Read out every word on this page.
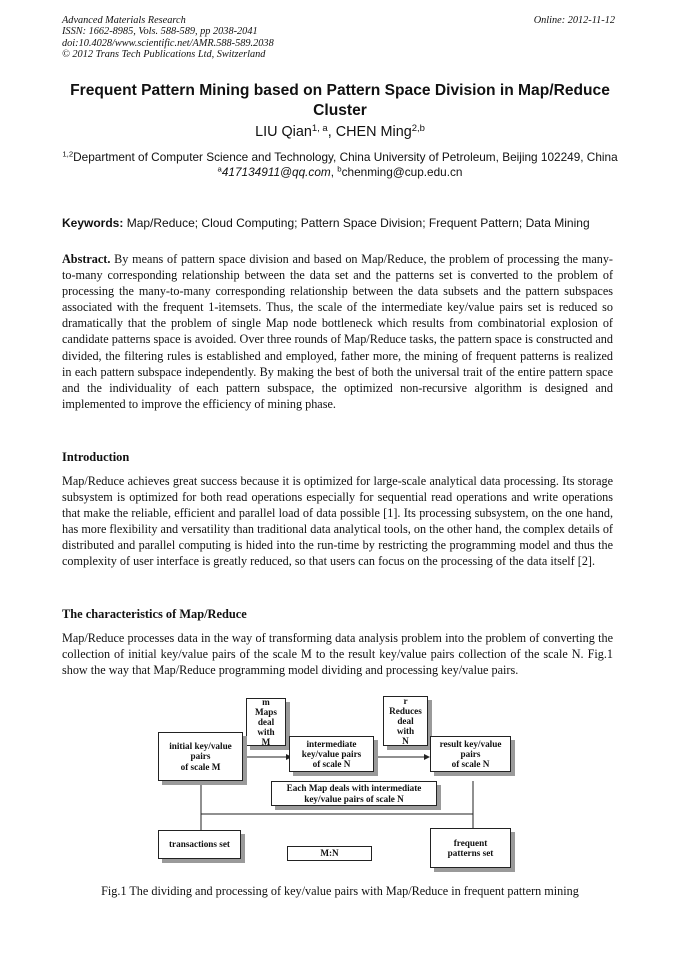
Advanced Materials Research
ISSN: 1662-8985, Vols. 588-589, pp 2038-2041
doi:10.4028/www.scientific.net/AMR.588-589.2038
© 2012 Trans Tech Publications Ltd, Switzerland
Online: 2012-11-12
Frequent Pattern Mining based on Pattern Space Division in Map/Reduce Cluster
LIU Qian$^{1, a}$, CHEN Ming$^{2,b}$
$^{1,2}$Department of Computer Science and Technology, China University of Petroleum, Beijing 102249, China
$^a$417134911@qq.com, $^b$chenming@cup.edu.cn
Keywords: Map/Reduce; Cloud Computing; Pattern Space Division; Frequent Pattern; Data Mining

Abstract. By means of pattern space division and based on Map/Reduce, the problem of processing the many-to-many corresponding relationship between the data set and the patterns set is converted to the problem of processing the many-to-many corresponding relationship between the data subsets and the pattern subspaces associated with the frequent 1-itemsets. Thus, the scale of the intermediate key/value pairs set is reduced so dramatically that the problem of single Map node bottleneck which results from combinatorial explosion of candidate patterns space is avoided. Over three rounds of Map/Reduce tasks, the pattern space is constructed and divided, the filtering rules is established and employed, father more, the mining of frequent patterns is realized in each pattern subspace independently. By making the best of both the universal trait of the entire pattern space and the individuality of each pattern subspace, the optimized non-recursive algorithm is designed and implemented to improve the efficiency of mining phase.

Introduction

Map/Reduce achieves great success because it is optimized for large-scale analytical data processing. Its storage subsystem is optimized for both read operations especially for sequential read operations and write operations that make the reliable, efficient and parallel load of data possible [1]. Its processing subsystem, on the one hand, has more flexibility and versatility than traditional data analytical tools, on the other hand, the complex details of distributed and parallel computing is hided into the run-time by restricting the programming model and thus the complexity of user interface is greatly reduced, so that users can focus on the processing of the data itself [2].

The characteristics of Map/Reduce

Map/Reduce processes data in the way of transforming data analysis problem into the problem of converting the collection of initial key/value pairs of the scale M to the result key/value pairs collection of the scale N. Fig.1 show the way that Map/Reduce programming model dividing and processing key/value pairs.

m
Maps
deal
with
M
r
Reduces
deal
with
N
initial key/value
pairs
of scale M
intermediate
key/value pairs
of scale N
result key/value
pairs
of scale N
Each Map deals with intermediate
key/value pairs of scale N
transactions set
M:N
frequent
patterns set
Fig.1 The dividing and processing of key/value pairs with Map/Reduce in frequent pattern mining
